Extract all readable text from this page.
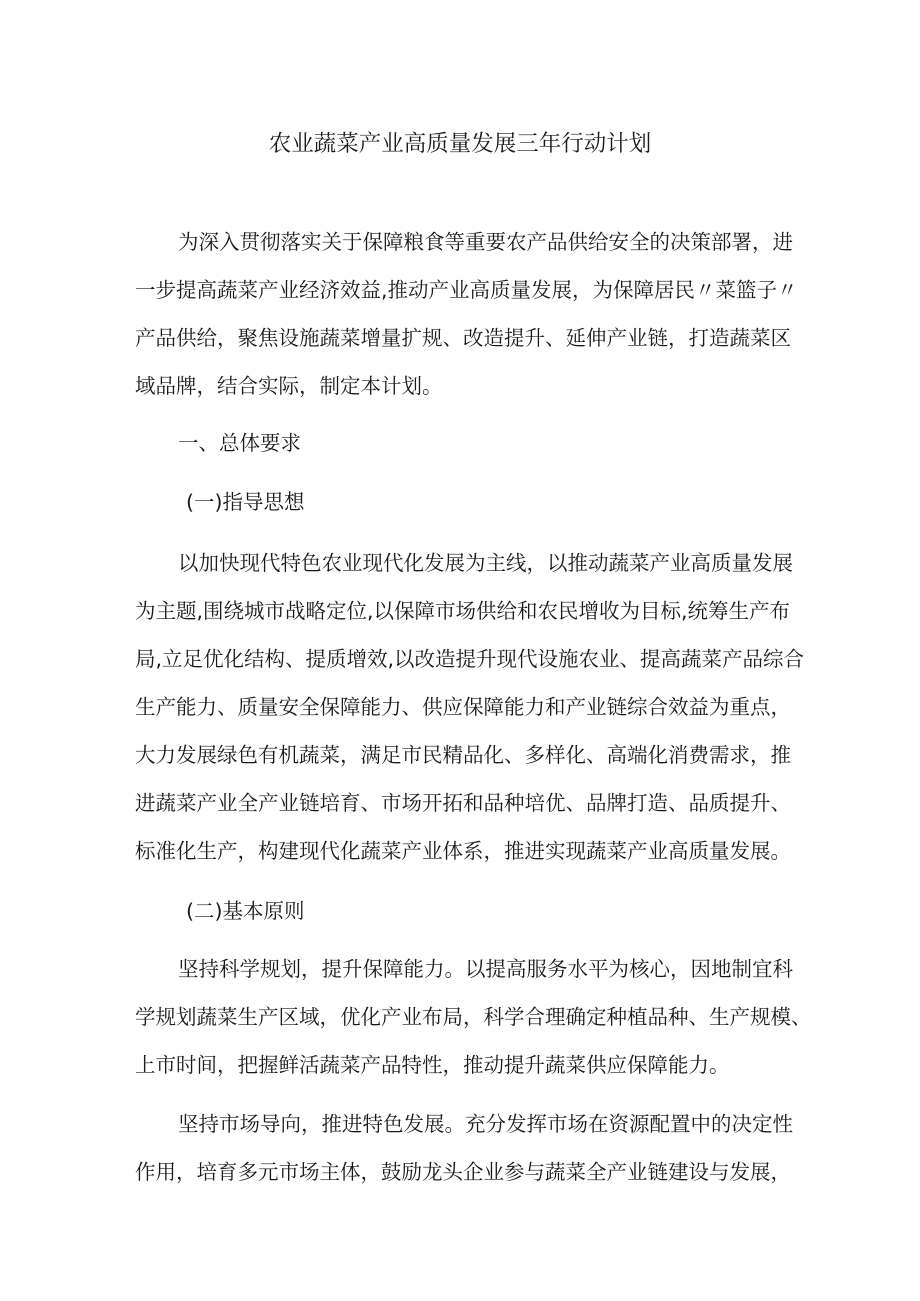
农业蔬菜产业高质量发展三年行动计划
为深入贯彻落实关于保障粮食等重要农产品供给安全的决策部署，进
一步提高蔬菜产业经济效益,推动产业高质量发展，为保障居民〃菜篮子〃
产品供给，聚焦设施蔬菜增量扩规、改造提升、延伸产业链，打造蔬菜区
域品牌，结合实际，制定本计划。
一、总体要求
(一)指导思想
以加快现代特色农业现代化发展为主线，以推动蔬菜产业高质量发展
为主题,围绕城市战略定位,以保障市场供给和农民增收为目标,统筹生产布
局,立足优化结构、提质增效,以改造提升现代设施农业、提高蔬菜产品综合
生产能力、质量安全保障能力、供应保障能力和产业链综合效益为重点，
大力发展绿色有机蔬菜，满足市民精品化、多样化、高端化消费需求，推
进蔬菜产业全产业链培育、市场开拓和品种培优、品牌打造、品质提升、
标准化生产，构建现代化蔬菜产业体系，推进实现蔬菜产业高质量发展。
(二)基本原则
坚持科学规划，提升保障能力。以提高服务水平为核心，因地制宜科
学规划蔬菜生产区域，优化产业布局，科学合理确定种植品种、生产规模、
上市时间，把握鲜活蔬菜产品特性，推动提升蔬菜供应保障能力。
坚持市场导向，推进特色发展。充分发挥市场在资源配置中的决定性
作用，培育多元市场主体，鼓励龙头企业参与蔬菜全产业链建设与发展，
